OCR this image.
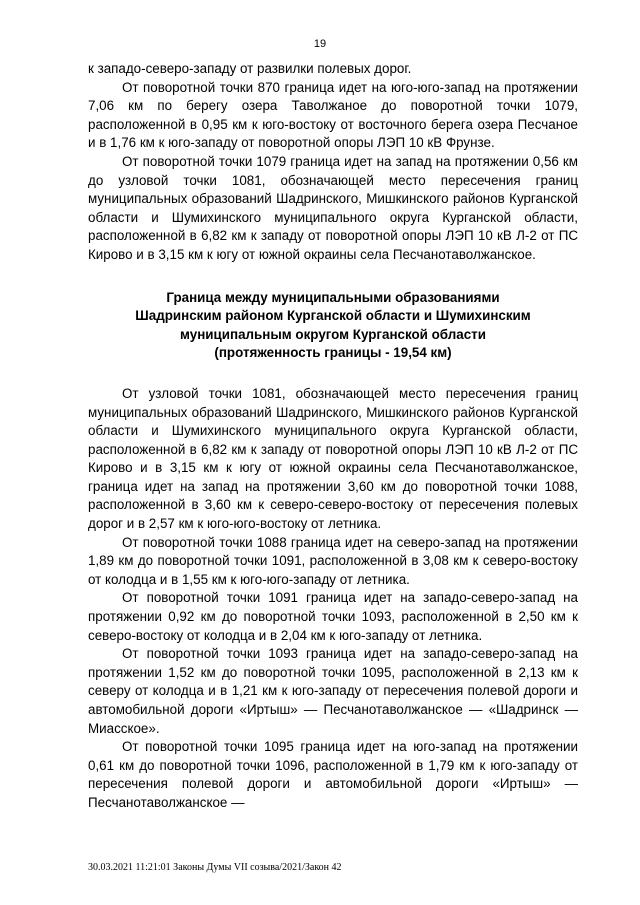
19

к западо-северо-западу от развилки полевых дорог.

От поворотной точки 870 граница идет на юго-юго-запад на протяжении 7,06 км по берегу озера Таволжаное до поворотной точки 1079, расположенной в 0,95 км к юго-востоку от восточного берега озера Песчаное и в 1,76 км к юго-западу от поворотной опоры ЛЭП 10 кВ Фрунзе.

От поворотной точки 1079 граница идет на запад на протяжении 0,56 км до узловой точки 1081, обозначающей место пересечения границ муниципальных образований Шадринского, Мишкинского районов Курганской области и Шумихинского муниципального округа Курганской области, расположенной в 6,82 км к западу от поворотной опоры ЛЭП 10 кВ Л-2 от ПС Кирово и в 3,15 км к югу от южной окраины села Песчанотаволжанское.

Граница между муниципальными образованиями
Шадринским районом Курганской области и Шумихинским
муниципальным округом Курганской области
(протяженность границы - 19,54 км)

От узловой точки 1081, обозначающей место пересечения границ муниципальных образований Шадринского, Мишкинского районов Курганской области и Шумихинского муниципального округа Курганской области, расположенной в 6,82 км к западу от поворотной опоры ЛЭП 10 кВ Л-2 от ПС Кирово и в 3,15 км к югу от южной окраины села Песчанотаволжанское, граница идет на запад на протяжении 3,60 км до поворотной точки 1088, расположенной в 3,60 км к северо-северо-востоку от пересечения полевых дорог и в 2,57 км к юго-юго-востоку от летника.

От поворотной точки 1088 граница идет на северо-запад на протяжении 1,89 км до поворотной точки 1091, расположенной в 3,08 км к северо-востоку от колодца и в 1,55 км к юго-юго-западу от летника.

От поворотной точки 1091 граница идет на западо-северо-запад на протяжении 0,92 км до поворотной точки 1093, расположенной в 2,50 км к северо-востоку от колодца и в 2,04 км к юго-западу от летника.

От поворотной точки 1093 граница идет на западо-северо-запад на протяжении 1,52 км до поворотной точки 1095, расположенной в 2,13 км к северу от колодца и в 1,21 км к юго-западу от пересечения полевой дороги и автомобильной дороги «Иртыш» — Песчанотаволжанское — «Шадринск — Миасское».

От поворотной точки 1095 граница идет на юго-запад на протяжении 0,61 км до поворотной точки 1096, расположенной в 1,79 км к юго-западу от пересечения полевой дороги и автомобильной дороги «Иртыш» — Песчанотаволжанское —

30.03.2021 11:21:01 Законы Думы VII созыва/2021/Закон 42
